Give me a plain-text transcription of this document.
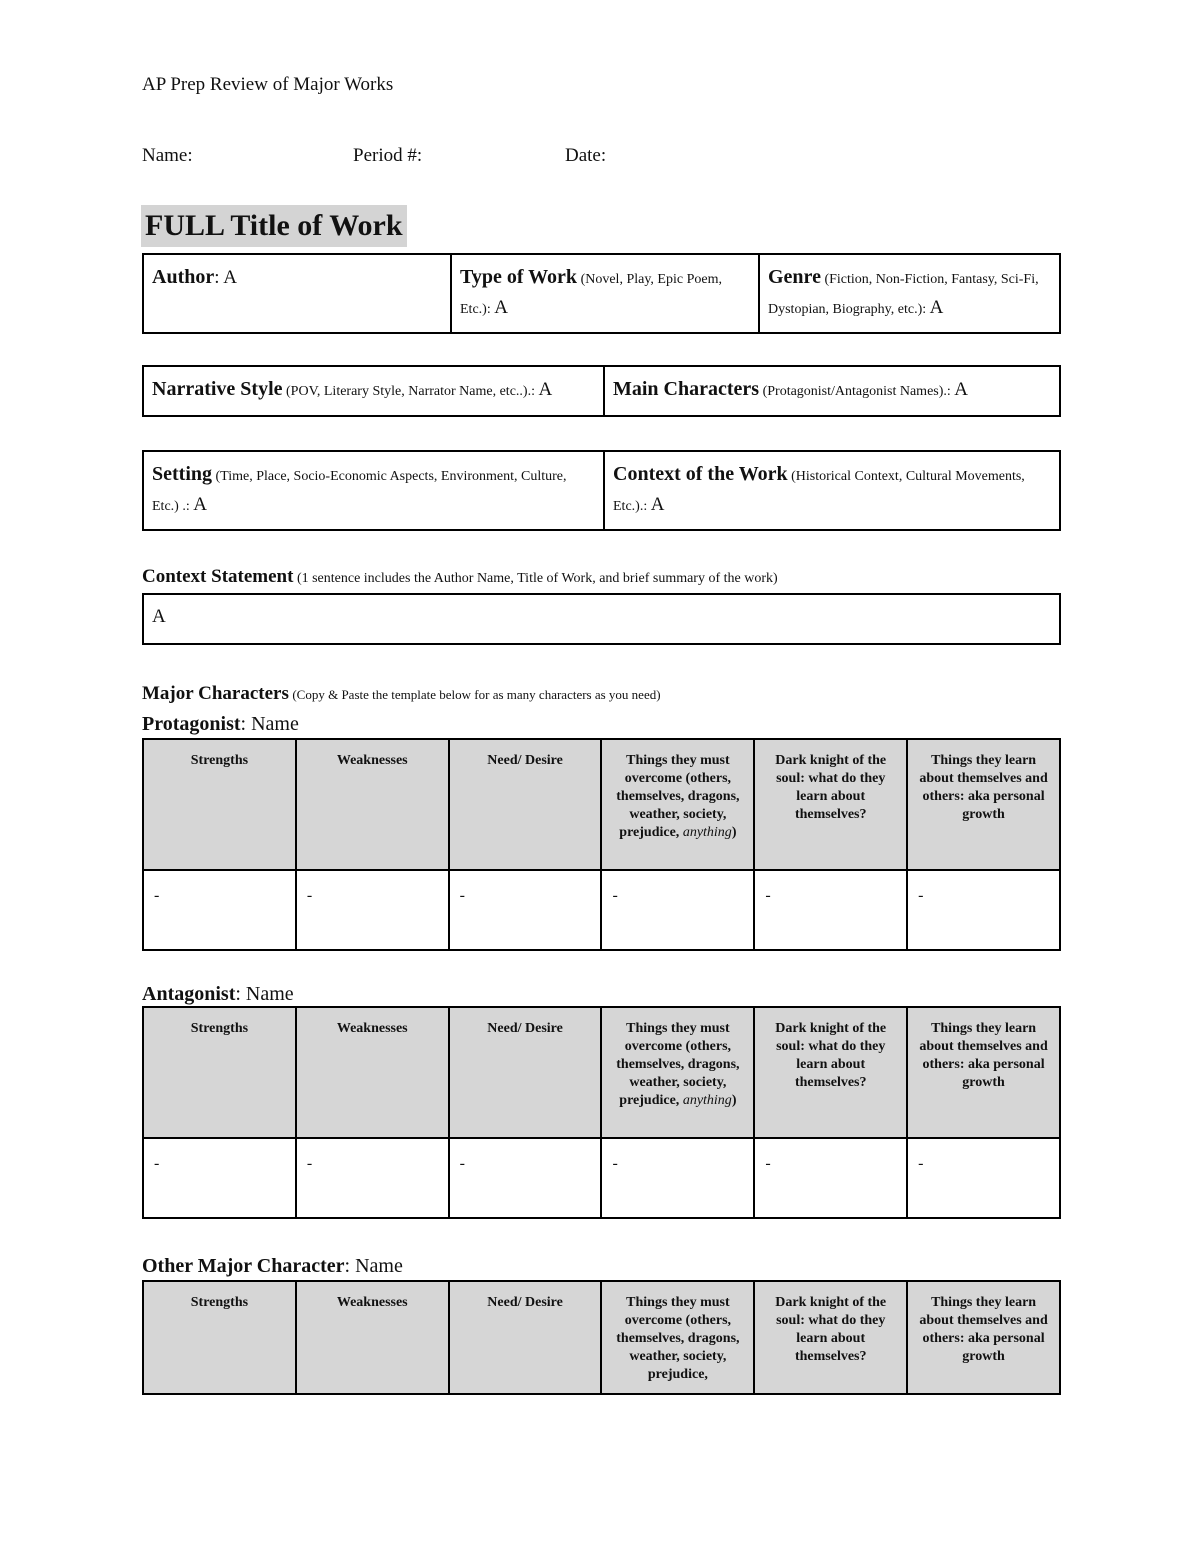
AP Prep Review of Major Works
Name:	Period #:	Date:
FULL Title of Work
Author: A	Type of Work (Novel, Play, Epic Poem, Etc.): A	Genre (Fiction, Non-Fiction, Fantasy, Sci-Fi, Dystopian, Biography, etc.): A
Narrative Style (POV, Literary Style, Narrator Name, etc..).: A	Main Characters (Protagonist/Antagonist Names).: A
Setting (Time, Place, Socio-Economic Aspects, Environment, Culture, Etc.) .: A	Context of the Work (Historical Context, Cultural Movements, Etc.).: A
Context Statement (1 sentence includes the Author Name, Title of Work, and brief summary of the work)
A
Major Characters (Copy & Paste the template below for as many characters as you need)
Protagonist: Name
Strengths	Weaknesses	Need/ Desire	Things they must overcome (others, themselves, dragons, weather, society, prejudice, anything)	Dark knight of the soul: what do they learn about themselves?	Things they learn about themselves and others: aka personal growth
-	-	-	-	-	-
Antagonist: Name
Strengths	Weaknesses	Need/ Desire	Things they must overcome (others, themselves, dragons, weather, society, prejudice, anything)	Dark knight of the soul: what do they learn about themselves?	Things they learn about themselves and others: aka personal growth
-	-	-	-	-	-
Other Major Character: Name
Strengths	Weaknesses	Need/ Desire	Things they must overcome (others, themselves, dragons, weather, society, prejudice,	Dark knight of the soul: what do they learn about themselves?	Things they learn about themselves and others: aka personal growth
